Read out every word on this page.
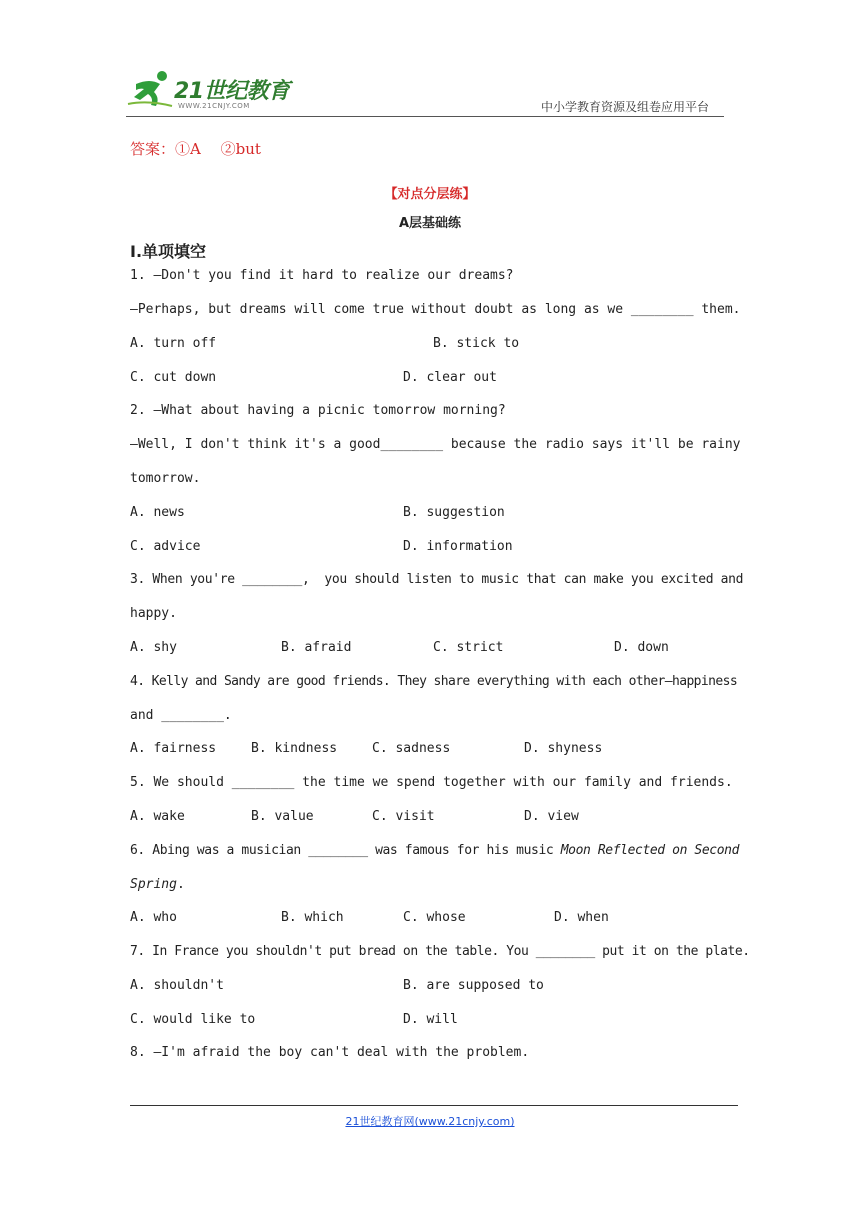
21世纪教育
WWW.21CNJY.COM	中小学教育资源及组卷应用平台
答案：①A　 ②but
【对点分层练】
A层基础练
I.单项填空
1. —Don't you find it hard to realize our dreams?
—Perhaps, but dreams will come true without doubt as long as we ________ them.
A. turn off	B. stick to
C. cut down	D. clear out
2. —What about having a picnic tomorrow morning?
—Well, I don't think it's a good________ because the radio says it'll be rainy
tomorrow.
A. news	B. suggestion
C. advice	D. information
3. When you're ________,  you should listen to music that can make you excited and
happy.
A. shy	B. afraid	C. strict	D. down
4. Kelly and Sandy are good friends. They share everything with each other—happiness
and ________.
A. fairness	B. kindness	C. sadness	D. shyness
5. We should ________ the time we spend together with our family and friends.
A. wake	B. value	C. visit	D. view
6. Abing was a musician ________ was famous for his music Moon Reflected on Second
Spring.
A. who	B. which	C. whose	D. when
7. In France you shouldn't put bread on the table. You ________ put it on the plate.
A. shouldn't	B. are supposed to
C. would like to	D. will
8. —I'm afraid the boy can't deal with the problem.
21世纪教育网(www.21cnjy.com)
